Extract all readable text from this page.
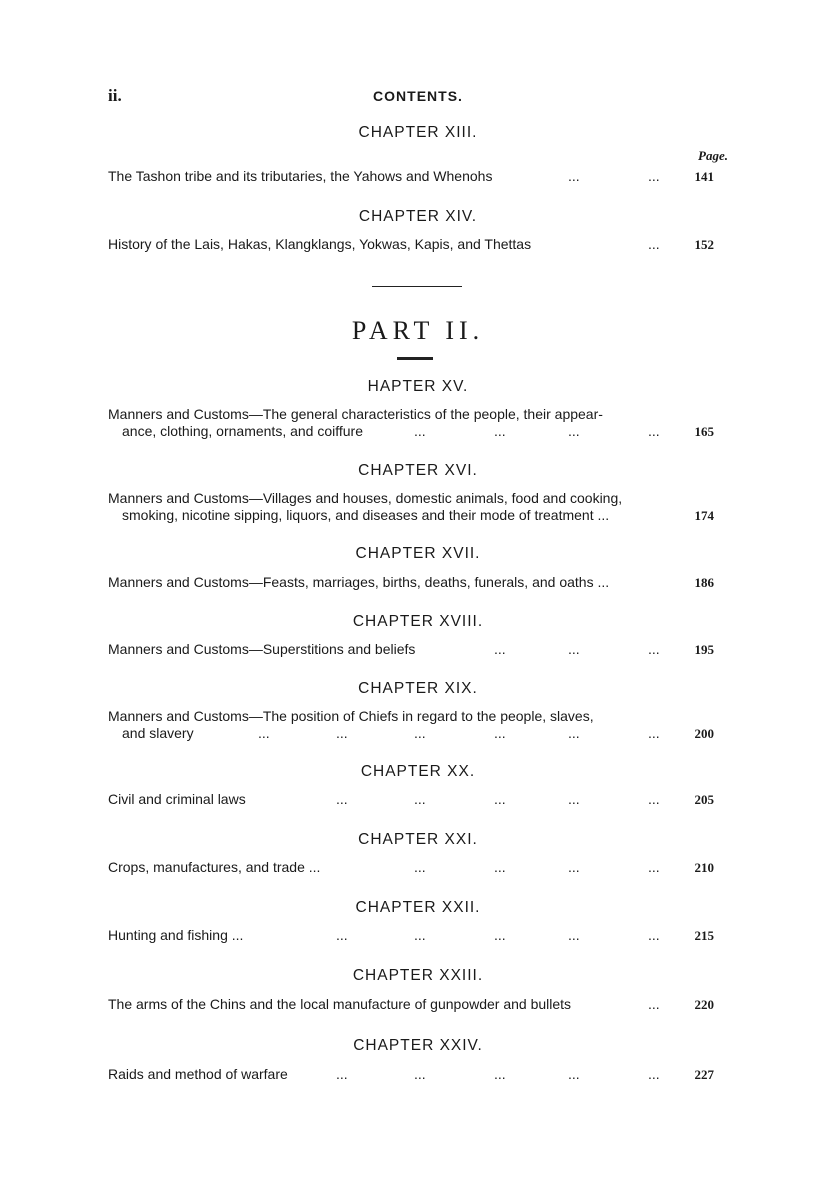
ii.	CONTENTS.
Page.
CHAPTER XIII.
The Tashon tribe and its tributaries, the Yahows and Whenohs	...	...	141
CHAPTER XIV.
History of the Lais, Hakas, Klangklangs, Yokwas, Kapis, and Thettas	...	152
PART II.
HAPTER XV.
Manners and Customs—The general characteristics of the people, their appear-
ance, clothing, ornaments, and coiffure	...	...	...	...	165
CHAPTER XVI.
Manners and Customs—Villages and houses, domestic animals, food and cooking,
smoking, nicotine sipping, liquors, and diseases and their mode of treatment ...	174
CHAPTER XVII.
Manners and Customs—Feasts, marriages, births, deaths, funerals, and oaths ...	186
CHAPTER XVIII.
Manners and Customs—Superstitions and beliefs	...	...	...	195
CHAPTER XIX.
Manners and Customs—The position of Chiefs in regard to the people, slaves,
and slavery	...	...	...	...	...	...	200
CHAPTER XX.
Civil and criminal laws	...	...	...	...	...	205
CHAPTER XXI.
Crops, manufactures, and trade ...	...	...	...	...	210
CHAPTER XXII.
Hunting and fishing ...	...	...	...	...	...	215
CHAPTER XXIII.
The arms of the Chins and the local manufacture of gunpowder and bullets	...	220
CHAPTER XXIV.
Raids and method of warfare	...	...	...	...	...	227
